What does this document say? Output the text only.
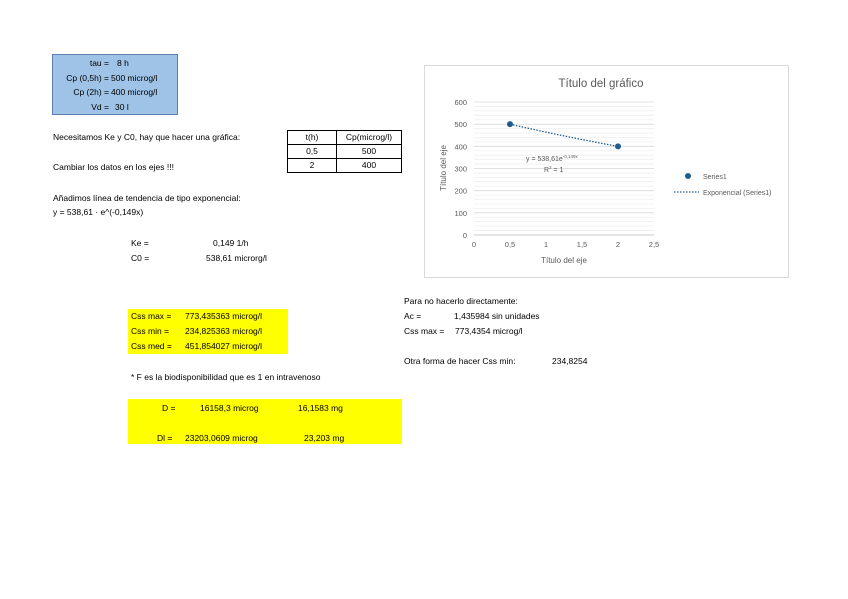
tau = 8 h
Cp (0,5h) = 500 microg/l
Cp (2h) = 400 microg/l
Vd = 30 l
Necesitamos Ke y C0, hay que hacer una gráfica:
Cambiar los datos en los ejes !!!
Añadimos línea de tendencia de tipo exponencial:
y = 538,61 · e^(-0,149x)
t(h)	Cp(microg/l)
0,5	500
2	400
Ke =	0,149 1/h
C0 =	538,61 microrg/l
Css max = 773,435363 microg/l
Css min = 234,825363 microg/l
Css med = 451,854027 microg/l
* F es la biodisponibilidad que es 1 en intravenoso
D =	16158,3 microg	16,1583 mg
Dl = 23203,0609 microg	23,203 mg
Para no hacerlo directamente:
Ac =	1,435984 sin unidades
Css max = 773,4354 microg/l
Otra forma de hacer Css min:	234,8254
Título del gráfico
0
100
200
300
400
500
600
0	0,5	1	1,5	2	2,5
Título del eje
Título del eje	$y = 538,61e^{-0,149x}$
$R^2 = 1$
Series1
Exponencial (Series1)
